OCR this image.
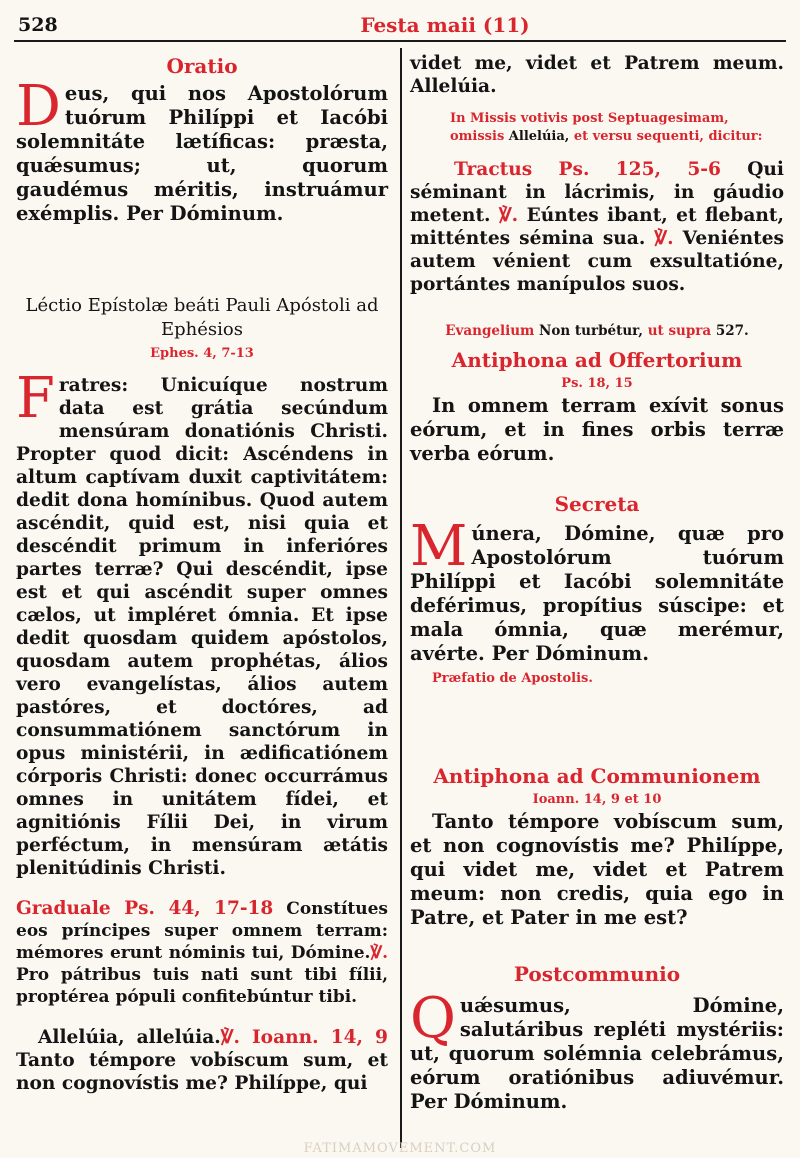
528	Festa maii (11)

Oratio

Deus, qui nos Apostolórum tuórum Philíppi et Iacóbi solemnitáte lætíficas: præsta, quǽsumus; ut, quorum gaudémus méritis, instruámur exémplis. Per Dóminum.

Léctio Epístolæ beáti Pauli Apóstoli ad Ephésios

Ephes. 4, 7-13

Fratres: Unicuíque nostrum data est grátia secúndum mensúram donatiónis Christi. Propter quod dicit: Ascéndens in altum captívam duxit captivitátem: dedit dona homínibus. Quod autem ascéndit, quid est, nisi quia et descéndit primum in inferióres partes terræ? Qui descéndit, ipse est et qui ascéndit super omnes cælos, ut impléret ómnia. Et ipse dedit quosdam quidem apóstolos, quosdam autem prophétas, álios vero evangelístas, álios autem pastóres, et doctóres, ad consummatiónem sanctórum in opus ministérii, in ædificatiónem córporis Christi: donec occurrámus omnes in unitátem fídei, et agnitiónis Fílii Dei, in virum perféctum, in mensúram ætátis plenitúdinis Christi.

Graduale Ps. 44, 17-18 Constítues eos príncipes super omnem terram: mémores erunt nóminis tui, Dómine.℣. Pro pátribus tuis nati sunt tibi fílii, proptérea pópuli confitebúntur tibi.

Allelúia, allelúia.℣. Ioann. 14, 9 Tanto témpore vobíscum sum, et non cognovístis me? Philíppe, qui

videt me, videt et Patrem meum. Allelúia.

In Missis votivis post Septuagesimam, omissis Allelúia, et versu sequenti, dicitur:

Tractus Ps. 125, 5-6 Qui séminant in lácrimis, in gáudio metent. ℣. Eúntes ibant, et flebant, mitténtes sémina sua. ℣. Veniéntes autem vénient cum exsultatióne, portántes manípulos suos.

Evangelium Non turbétur, ut supra 527.

Antiphona ad Offertorium

Ps. 18, 15

In omnem terram exívit sonus eórum, et in fines orbis terræ verba eórum.

Secreta

Múnera, Dómine, quæ pro Apostolórum tuórum Philíppi et Iacóbi solemnitáte deférimus, propítius súscipe: et mala ómnia, quæ merémur, avérte. Per Dóminum.

Præfatio de Apostolis.

Antiphona ad Communionem

Ioann. 14, 9 et 10

Tanto témpore vobíscum sum, et non cognovístis me? Philíppe, qui videt me, videt et Patrem meum: non credis, quia ego in Patre, et Pater in me est?

Postcommunio

Quǽsumus, Dómine, salutáribus repléti mystériis: ut, quorum solémnia celebrámus, eórum oratiónibus adiuvémur. Per Dóminum.

FATIMAMOVEMENT.COM
